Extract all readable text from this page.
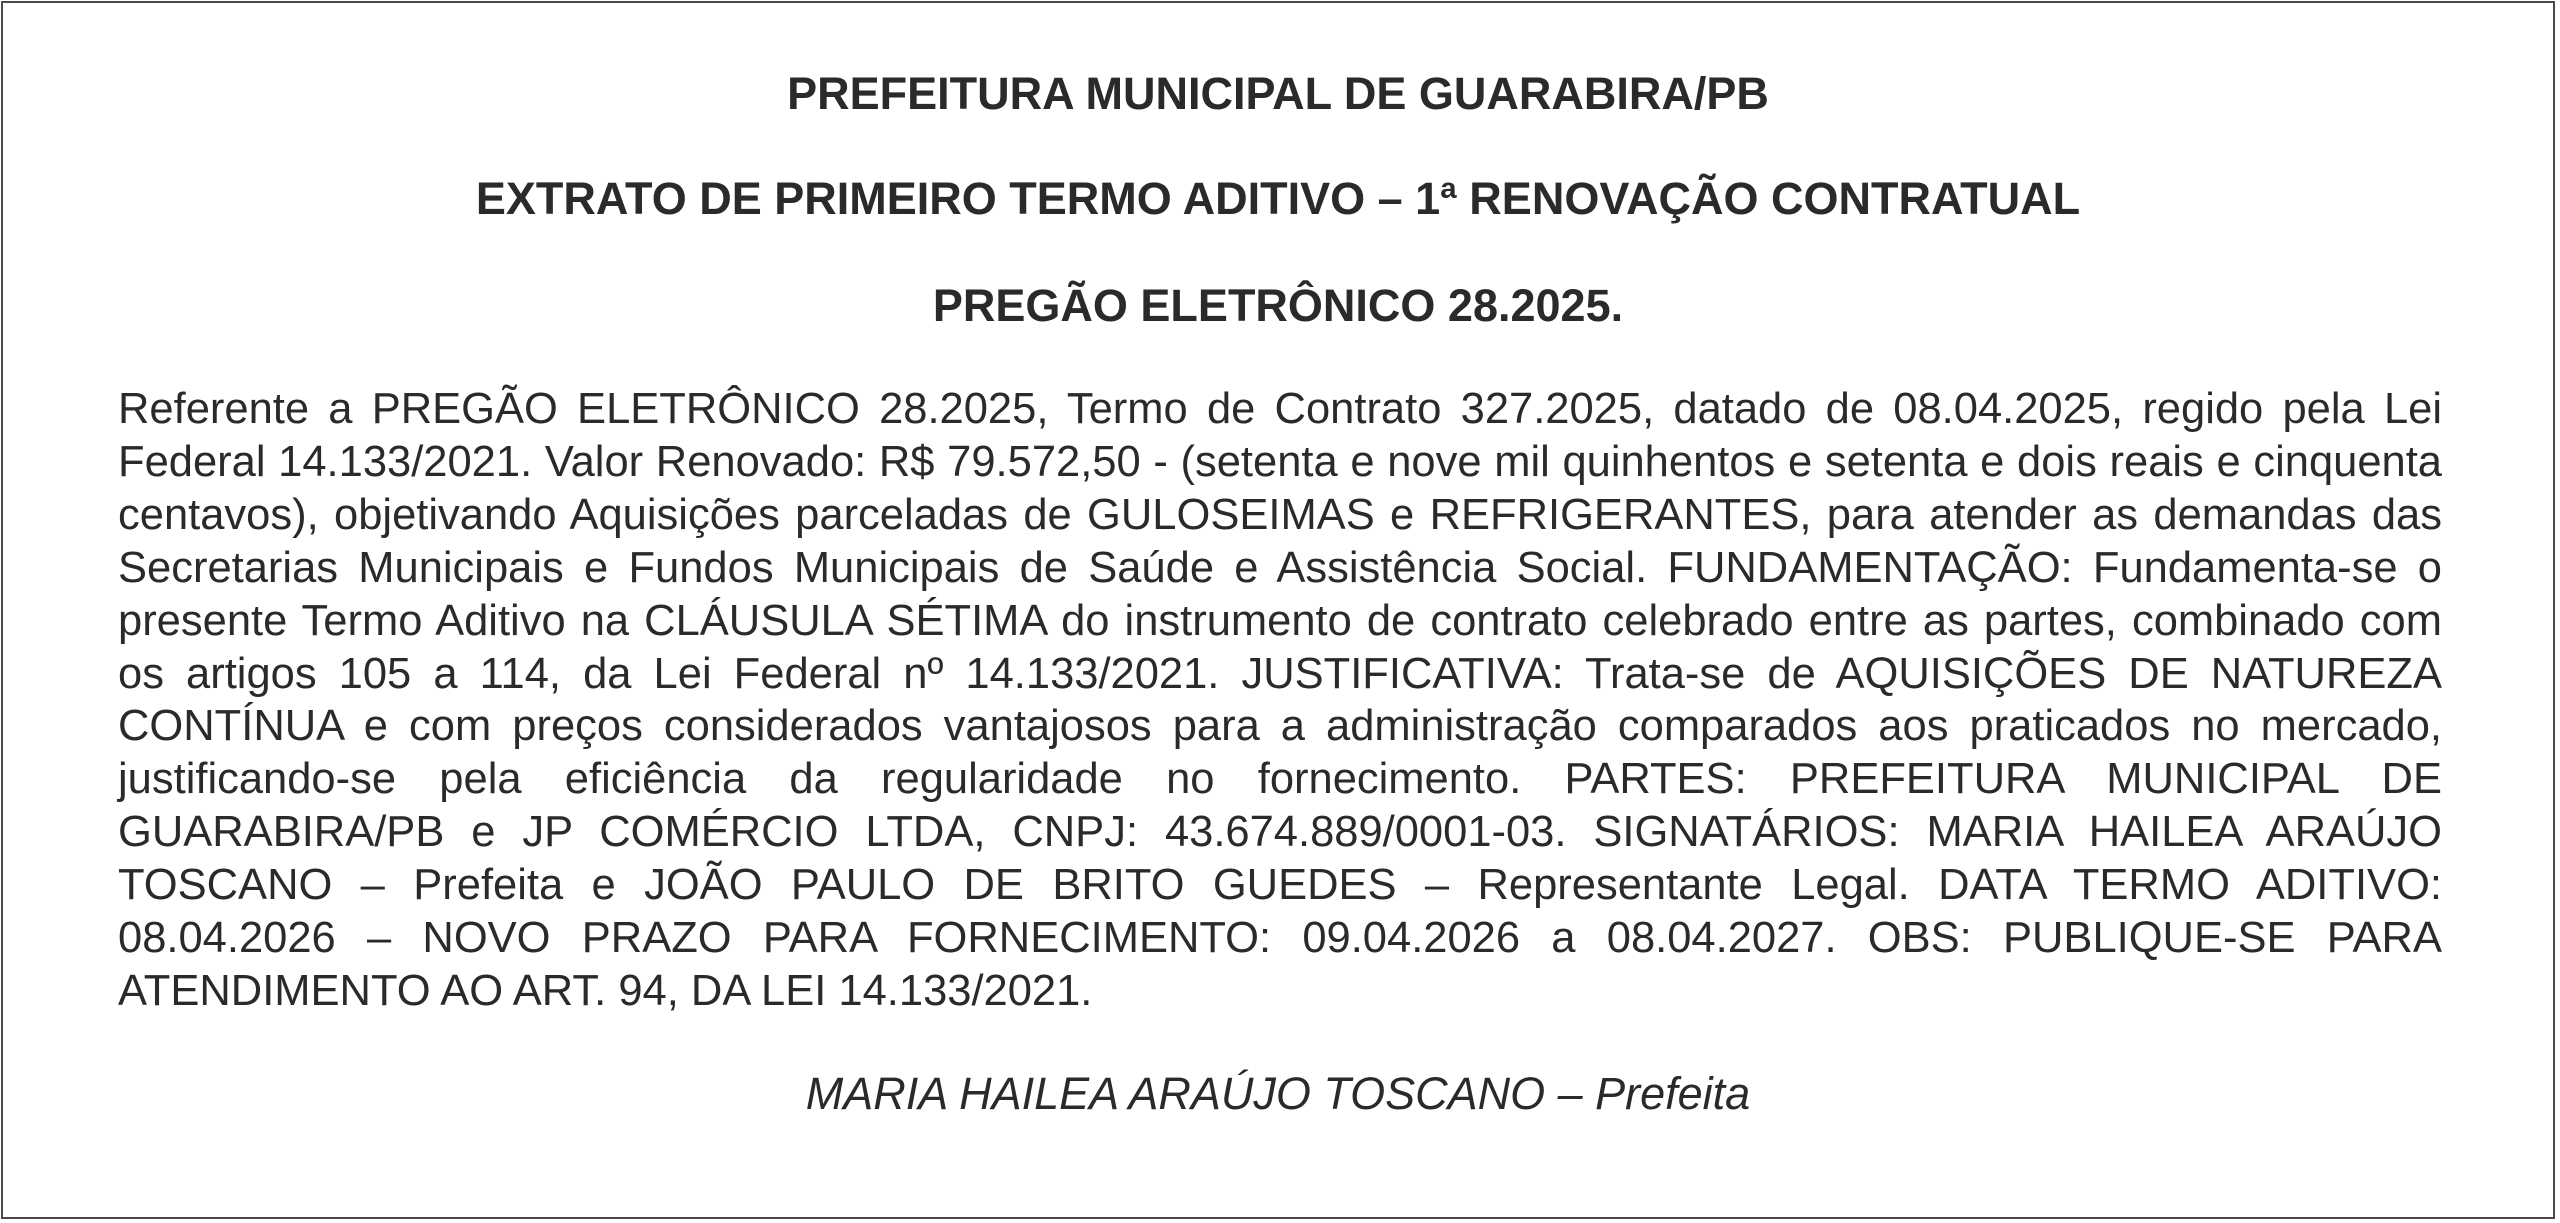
PREFEITURA MUNICIPAL DE GUARABIRA/PB
EXTRATO DE PRIMEIRO TERMO ADITIVO – 1ª RENOVAÇÃO CONTRATUAL
PREGÃO ELETRÔNICO 28.2025.

Referente a PREGÃO ELETRÔNICO 28.2025, Termo de Contrato 327.2025, datado de 08.04.2025, regido pela Lei Federal 14.133/2021. Valor Renovado: R$ 79.572,50 - (setenta e nove mil quinhentos e setenta e dois reais e cinquenta centavos), objetivando Aquisições parceladas de GULOSEIMAS e REFRIGERANTES, para atender as demandas das Secretarias Municipais e Fundos Municipais de Saúde e Assistência Social. FUNDAMENTAÇÃO: Fundamenta-se o presente Termo Aditivo na CLÁUSULA SÉTIMA do instrumento de contrato celebrado entre as partes, combinado com os artigos 105 a 114, da Lei Federal nº 14.133/2021. JUSTIFICATIVA: Trata-se de AQUISIÇÕES DE NATUREZA CONTÍNUA e com preços considerados vantajosos para a administração comparados aos praticados no mercado, justificando-se pela eficiência da regularidade no fornecimento. PARTES: PREFEITURA MUNICIPAL DE GUARABIRA/PB e JP COMÉRCIO LTDA, CNPJ: 43.674.889/0001-03. SIGNATÁRIOS: MARIA HAILEA ARAÚJO TOSCANO – Prefeita e JOÃO PAULO DE BRITO GUEDES – Representante Legal. DATA TERMO ADITIVO: 08.04.2026 – NOVO PRAZO PARA FORNECIMENTO: 09.04.2026 a 08.04.2027. OBS: PUBLIQUE-SE PARA ATENDIMENTO AO ART. 94, DA LEI 14.133/2021.

MARIA HAILEA ARAÚJO TOSCANO – Prefeita
